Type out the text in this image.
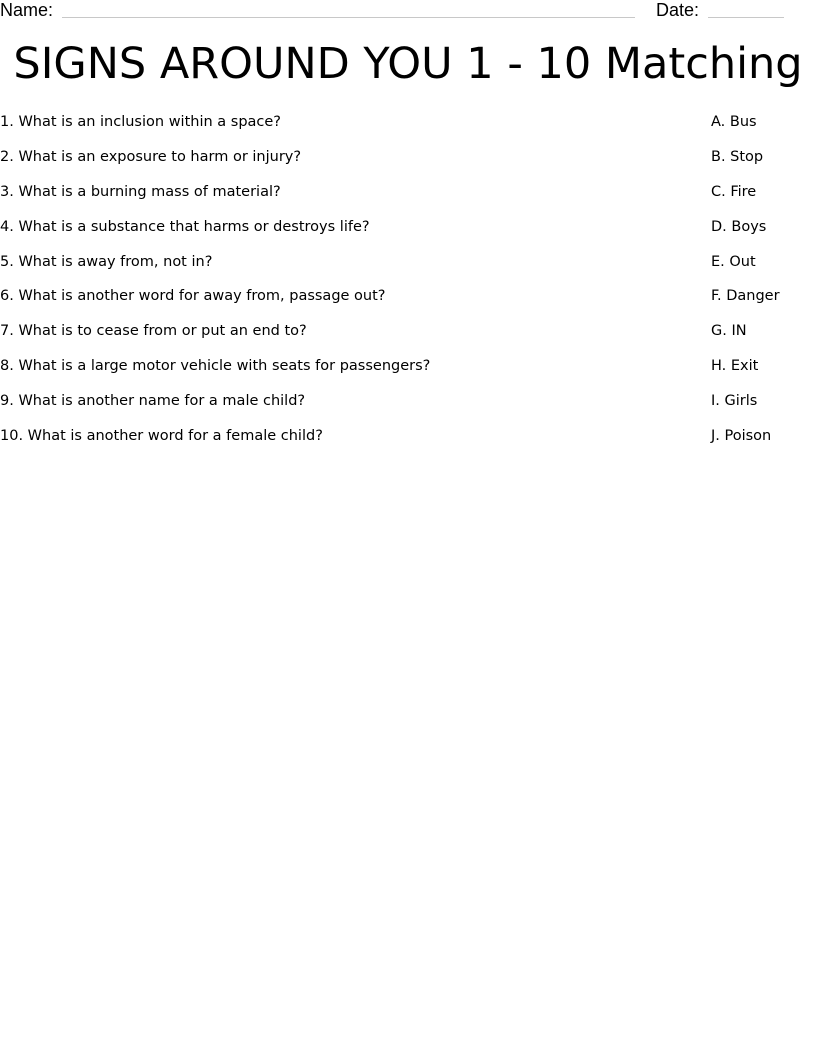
Name:	Date:
SIGNS AROUND YOU 1 - 10 Matching
1. What is an inclusion within a space?
2. What is an exposure to harm or injury?
3. What is a burning mass of material?
4. What is a substance that harms or destroys life?
5. What is away from, not in?
6. What is another word for away from, passage out?
7. What is to cease from or put an end to?
8. What is a large motor vehicle with seats for passengers?
9. What is another name for a male child?
10. What is another word for a female child?
A. Bus
B. Stop
C. Fire
D. Boys
E. Out
F. Danger
G. IN
H. Exit
I. Girls
J. Poison
